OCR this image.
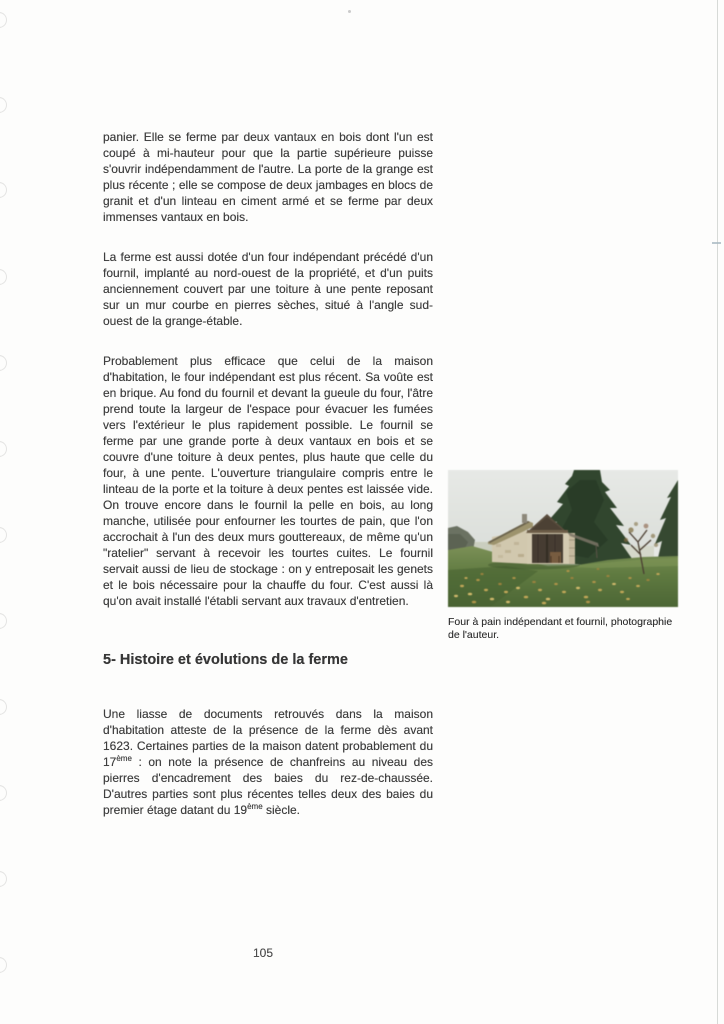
panier. Elle se ferme par deux vantaux en bois dont l'un est coupé à mi-hauteur pour que la partie supérieure puisse s'ouvrir indépendamment de l'autre. La porte de la grange est plus récente ; elle se compose de deux jambages en blocs de granit et d'un linteau en ciment armé et se ferme par deux immenses vantaux en bois.

La ferme est aussi dotée d'un four indépendant précédé d'un fournil, implanté au nord-ouest de la propriété, et d'un puits anciennement couvert par une toiture à une pente reposant sur un mur courbe en pierres sèches, situé à l'angle sud-ouest de la grange-étable.

Probablement plus efficace que celui de la maison d'habitation, le four indépendant est plus récent. Sa voûte est en brique. Au fond du fournil et devant la gueule du four, l'âtre prend toute la largeur de l'espace pour évacuer les fumées vers l'extérieur le plus rapidement possible. Le fournil se ferme par une grande porte à deux vantaux en bois et se couvre d'une toiture à deux pentes, plus haute que celle du four, à une pente. L'ouverture triangulaire compris entre le linteau de la porte et la toiture à deux pentes est laissée vide. On trouve encore dans le fournil la pelle en bois, au long manche, utilisée pour enfourner les tourtes de pain, que l'on accrochait à l'un des deux murs gouttereaux, de même qu'un "ratelier" servant à recevoir les tourtes cuites. Le fournil servait aussi de lieu de stockage : on y entreposait les genets et le bois nécessaire pour la chauffe du four. C'est aussi là qu'on avait installé l'établi servant aux travaux d'entretien.

5- Histoire et évolutions de la ferme

Une liasse de documents retrouvés dans la maison d'habitation atteste de la présence de la ferme dès avant 1623. Certaines parties de la maison datent probablement du 17ème : on note la présence de chanfreins au niveau des pierres d'encadrement des baies du rez-de-chaussée. D'autres parties sont plus récentes telles deux des baies du premier étage datant du 19ème siècle.

Four à pain indépendant et fournil, photographie de l'auteur.
105
